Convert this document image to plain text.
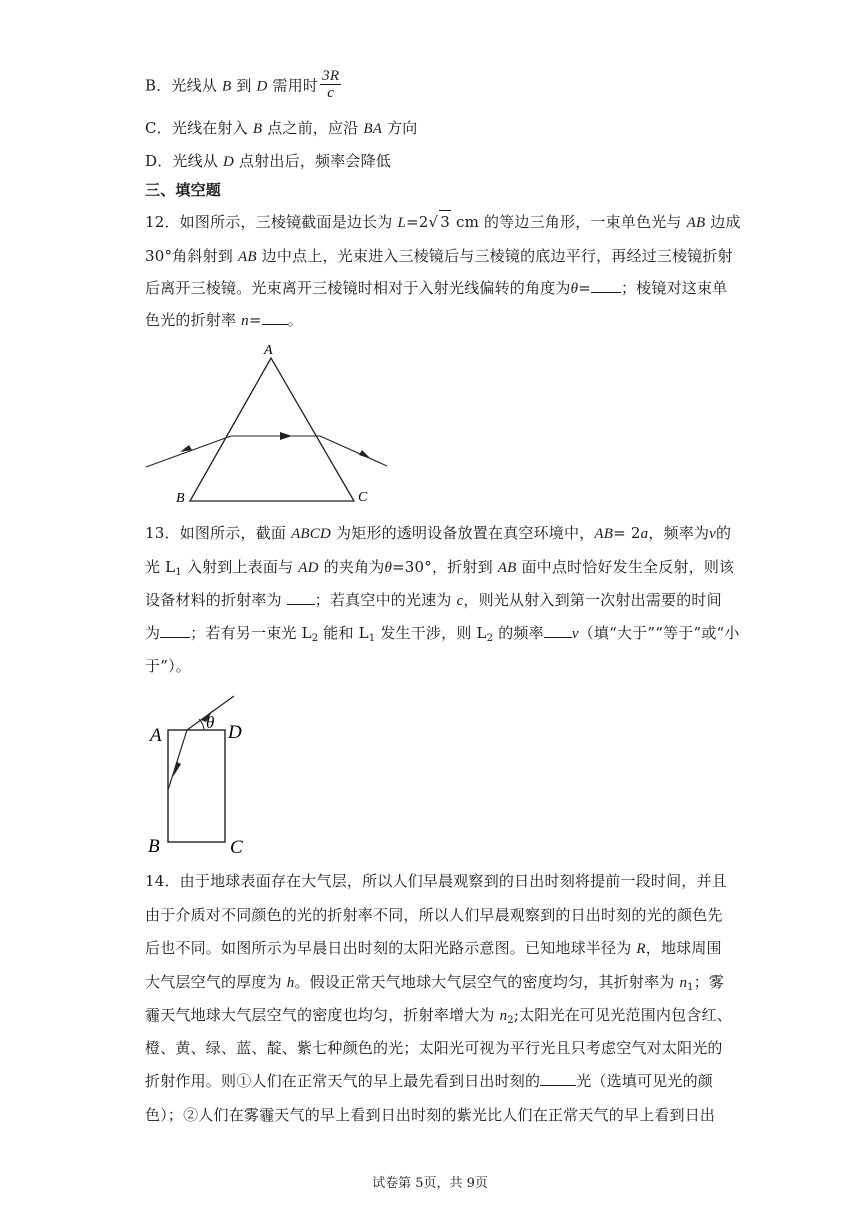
B．光线从 B 到 D 需用时 $\frac{3R}{c}$
C．光线在射入 B 点之前，应沿 BA 方向
D．光线从 D 点射出后，频率会降低
三、填空题
12．如图所示，三棱镜截面是边长为 L=2√ 3 cm 的等边三角形，一束单色光与 AB 边成
30°角斜射到 AB 边中点上，光束进入三棱镜后与三棱镜的底边平行，再经过三棱镜折射
后离开三棱镜。光束离开三棱镜时相对于入射光线偏转的角度为θ= ；棱镜对这束单
色光的折射率 n= 。
A
B	C
13．如图所示，截面 ABCD 为矩形的透明设备放置在真空环境中，AB= 2a，频率为v的
光 $L_1$ 入射到上表面与 AD 的夹角为θ=30°，折射到 AB 面中点时恰好发生全反射，则该
设备材料的折射率为 ；若真空中的光速为 c，则光从射入到第一次射出需要的时间
为 ；若有另一束光 $L_2$ 能和 $L_1$ 发生干涉，则 $L_2$ 的频率 v（填“大于”“等于”或“小
于”）。
A	D
B	C
θ
14．由于地球表面存在大气层，所以人们早晨观察到的日出时刻将提前一段时间，并且
由于介质对不同颜色的光的折射率不同，所以人们早晨观察到的日出时刻的光的颜色先
后也不同。如图所示为早晨日出时刻的太阳光路示意图。已知地球半径为 R，地球周围
大气层空气的厚度为 h。假设正常天气地球大气层空气的密度均匀，其折射率为 $n_1$；雾
霾天气地球大气层空气的密度也均匀，折射率增大为 $n_2$;太阳光在可见光范围内包含红、
橙、黄、绿、蓝、靛、紫七种颜色的光；太阳光可视为平行光且只考虑空气对太阳光的
折射作用。则①人们在正常天气的早上最先看到日出时刻的 光（选填可见光的颜
色）；②人们在雾霾天气的早上看到日出时刻的紫光比人们在正常天气的早上看到日出
试卷第 5页，共 9页
